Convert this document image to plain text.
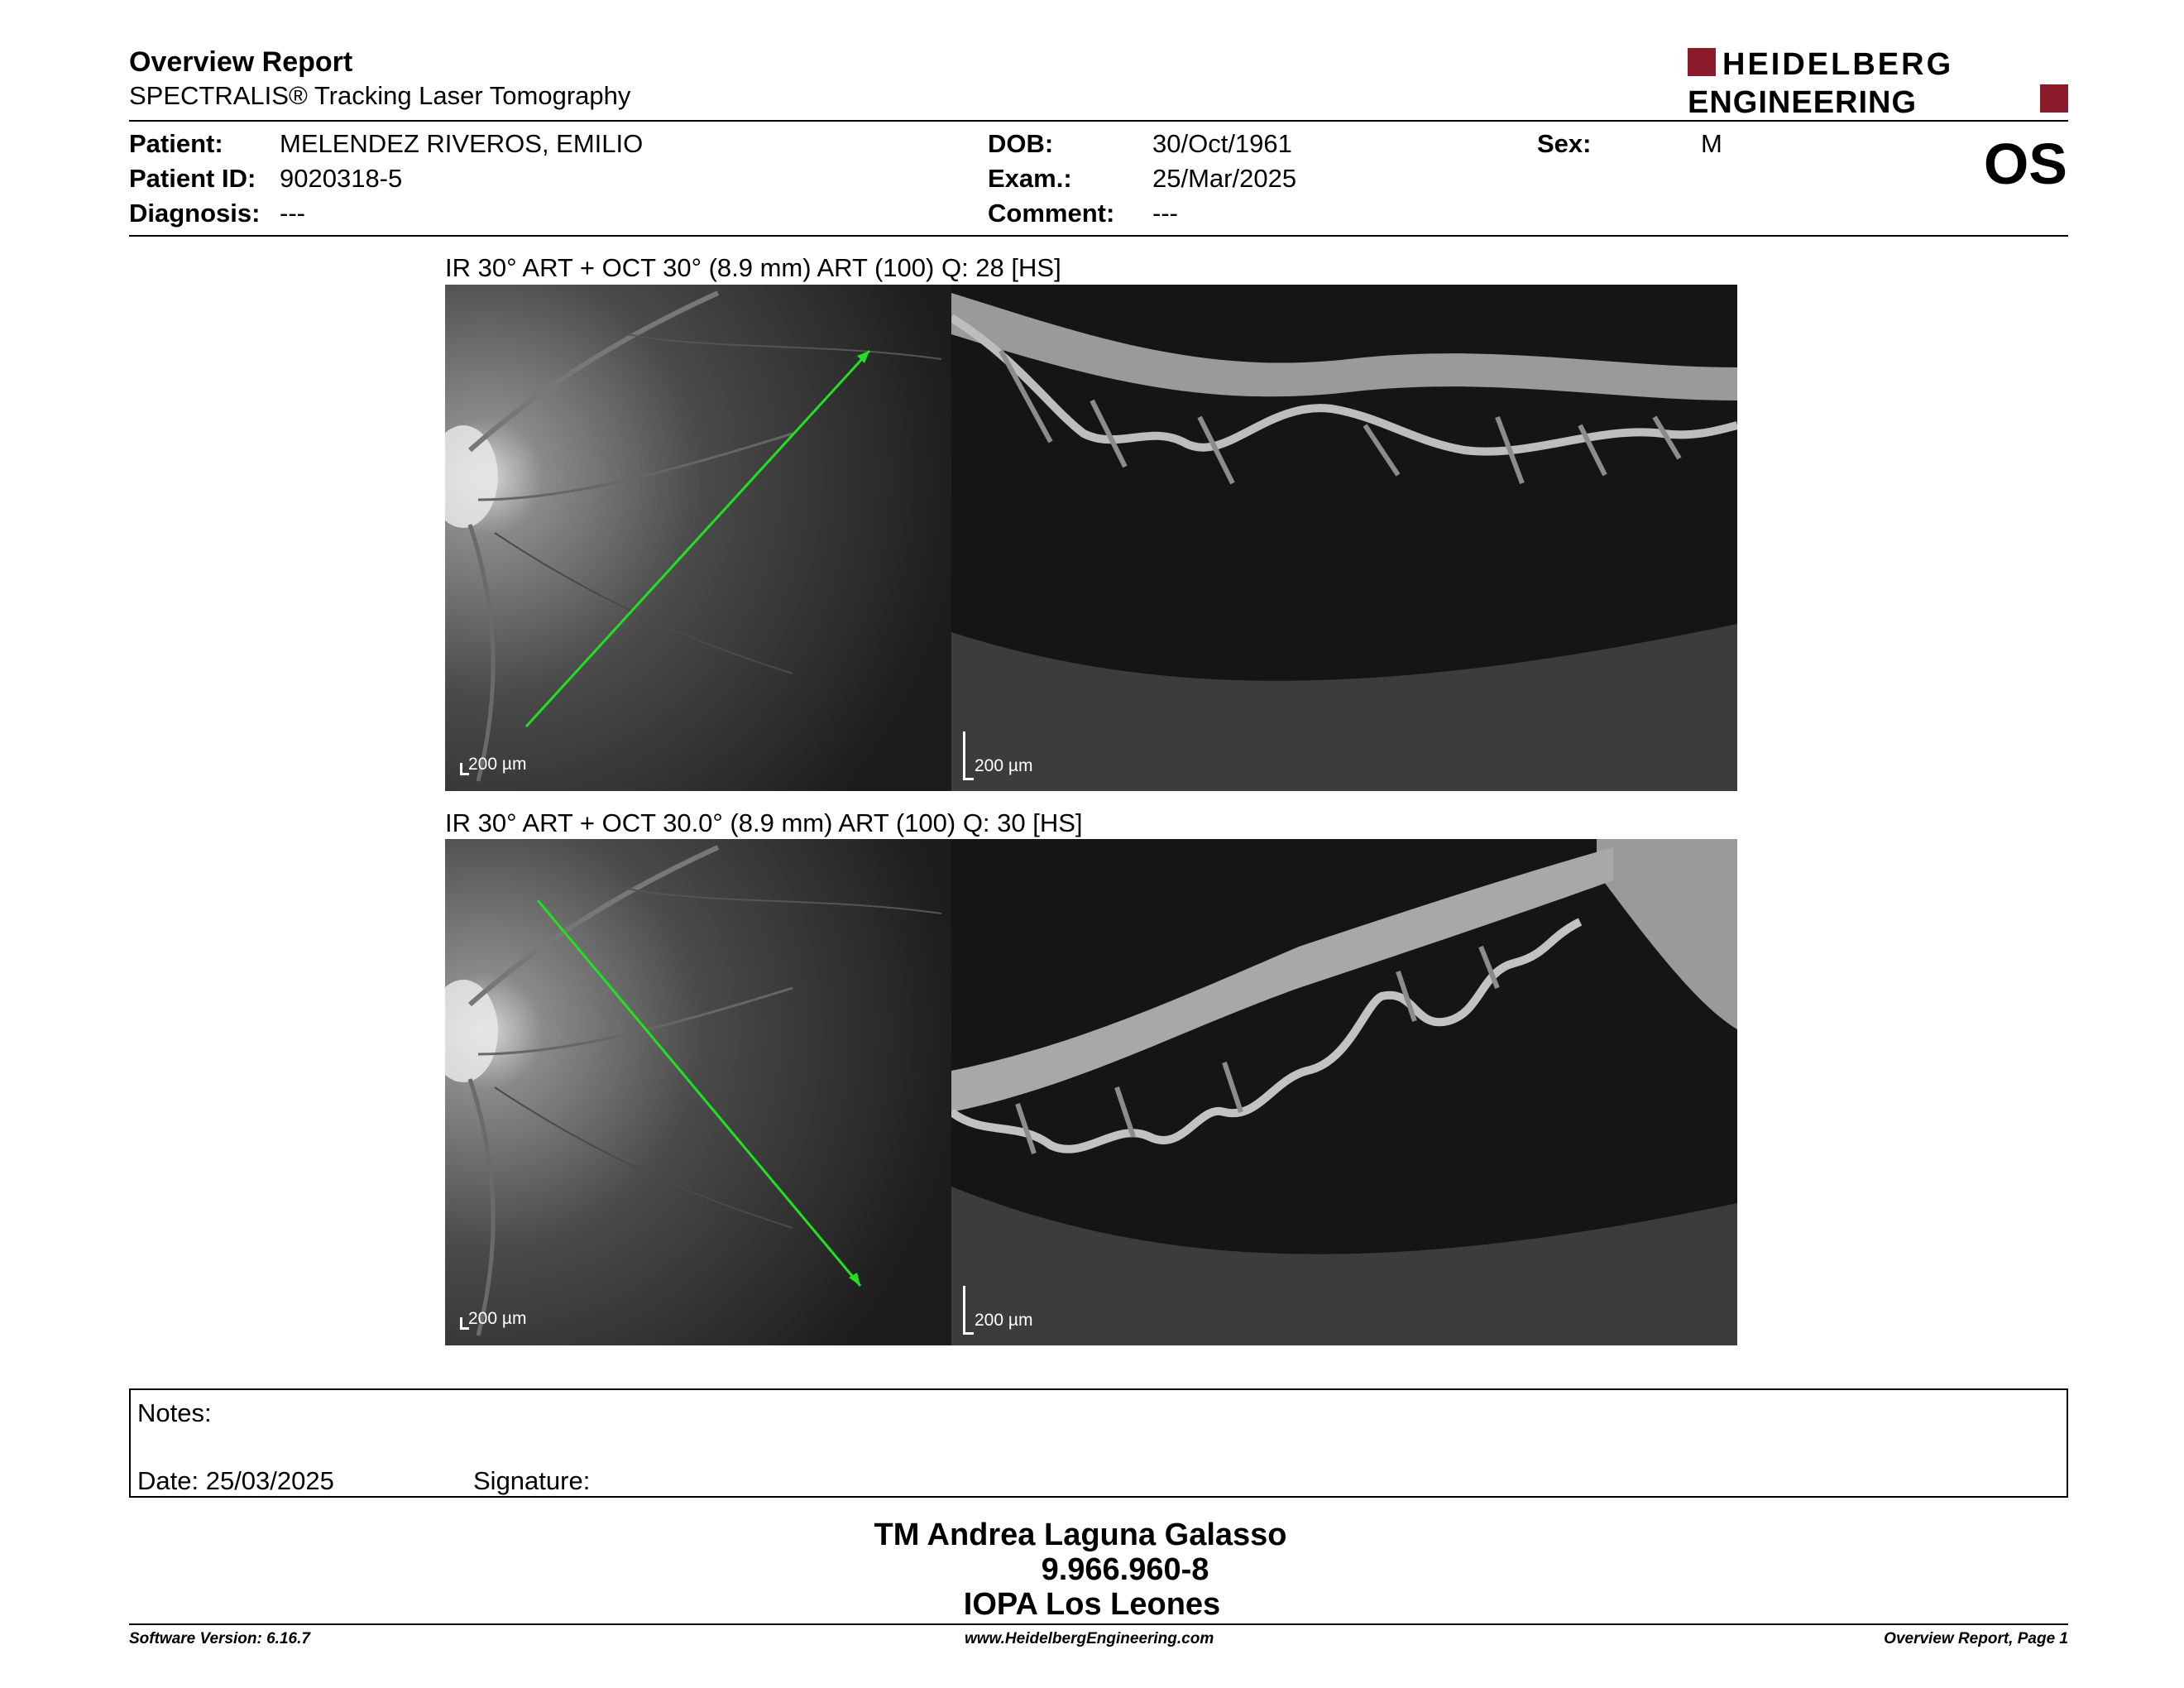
Overview Report
SPECTRALIS® Tracking Laser Tomography
HEIDELBERG
ENGINEERING
Patient: MELENDEZ RIVEROS, EMILIO
Patient ID: 9020318-5
Diagnosis: ---
DOB:	30/Oct/1961
Exam.:	25/Mar/2025
Comment: ---
Sex:	M	OS
IR 30° ART + OCT 30° (8.9 mm) ART (100) Q: 28 [HS]
200 µm	200 µm
IR 30° ART + OCT 30.0° (8.9 mm) ART (100) Q: 30 [HS]
200 µm	200 µm
Notes:
Date: 25/03/2025	Signature:
TM Andrea Laguna Galasso
9.966.960-8
IOPA Los Leones
Software Version: 6.16.7	www.HeidelbergEngineering.com	Overview Report, Page 1
